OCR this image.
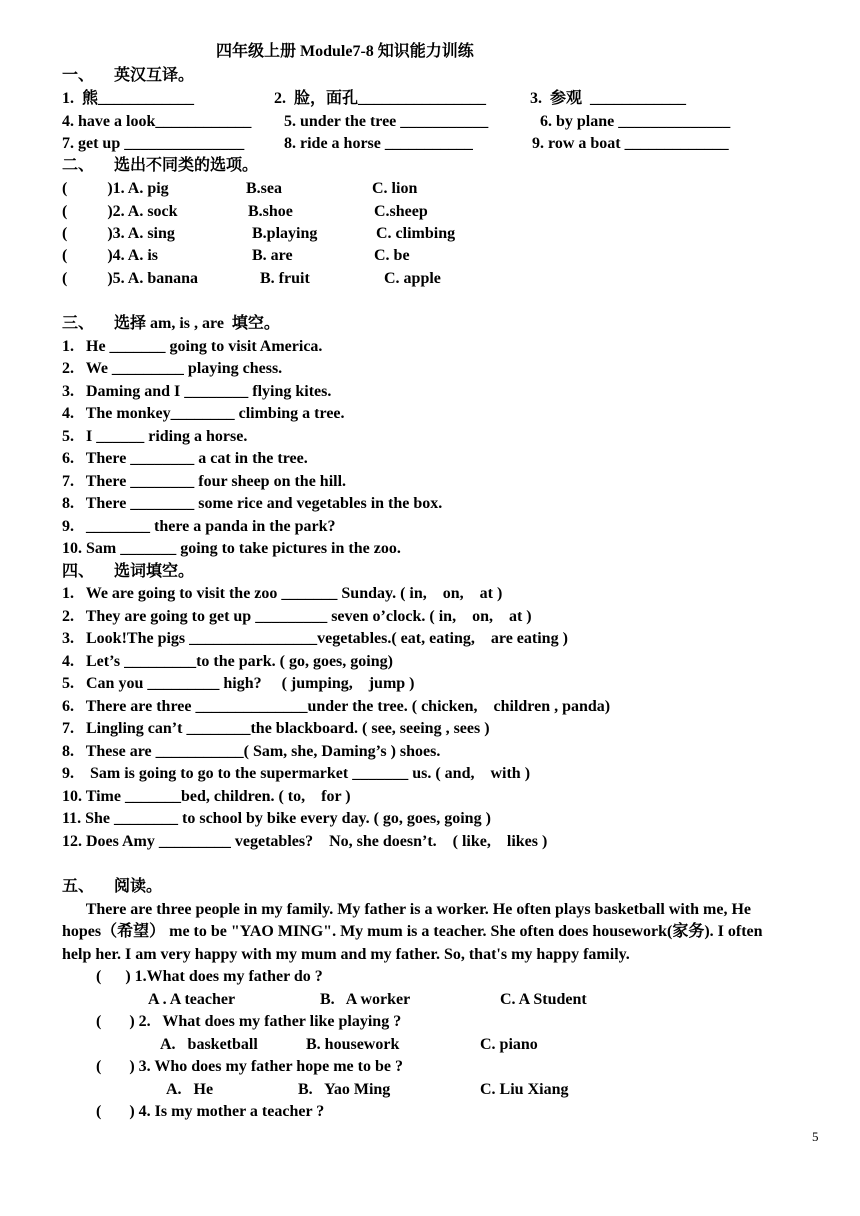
四年级上册 Module7-8 知识能力训练
一、     英汉互译。
1.  熊____________	2.  脸，面孔________________	3.  参观  ____________
4. have a look____________ 5. under the tree ___________	6. by plane ______________
7. get up _______________ 8. ride a horse ___________	9. row a boat _____________
二、     选出不同类的选项。
(          )1. A. pig	B.sea	C. lion
(          )2. A. sock	B.shoe	C.sheep
(          )3. A. sing	B.playing	C. climbing
(          )4. A. is	B. are	C. be
(          )5. A. banana	B. fruit	C. apple
三、     选择 am, is , are  填空。
1.   He _______ going to visit America.
2.   We _________ playing chess.
3.   Daming and I ________ flying kites.
4.   The monkey________ climbing a tree.
5.   I ______ riding a horse.
6.   There ________ a cat in the tree.
7.   There ________ four sheep on the hill.
8.   There ________ some rice and vegetables in the box.
9.   ________ there a panda in the park?
10. Sam _______ going to take pictures in the zoo.
四、     选词填空。
1.   We are going to visit the zoo _______ Sunday. ( in,    on,    at )
2.   They are going to get up _________ seven o’clock. ( in,    on,    at )
3.   Look!The pigs ________________vegetables.( eat, eating,    are eating )
4.   Let’s _________to the park. ( go, goes, going)
5.   Can you _________ high?     ( jumping,    jump )
6.   There are three ______________under the tree. ( chicken,    children , panda)
7.   Lingling can’t ________the blackboard. ( see, seeing , sees )
8.   These are ___________( Sam, she, Daming’s ) shoes.
9.    Sam is going to go to the supermarket _______ us. ( and,    with )
10. Time _______bed, children. ( to,    for )
11. She ________ to school by bike every day. ( go, goes, going )
12. Does Amy _________ vegetables?    No, she doesn’t.    ( like,    likes )
五、     阅读。
There are three people in my family. My father is a worker. He often plays basketball with me, He
hopes（希望） me to be "YAO MING". My mum is a teacher. She often does housework(家务). I often
help her. I am very happy with my mum and my father. So, that's my happy family.
(      ) 1.What does my father do ?
A . A teacher	B.   A worker	C. A Student
(       ) 2.   What does my father like playing ?
A.   basketball	B. housework	C. piano
(       ) 3. Who does my father hope me to be ?
A.   He	B.   Yao Ming	C. Liu Xiang
(       ) 4. Is my mother a teacher ?
5
